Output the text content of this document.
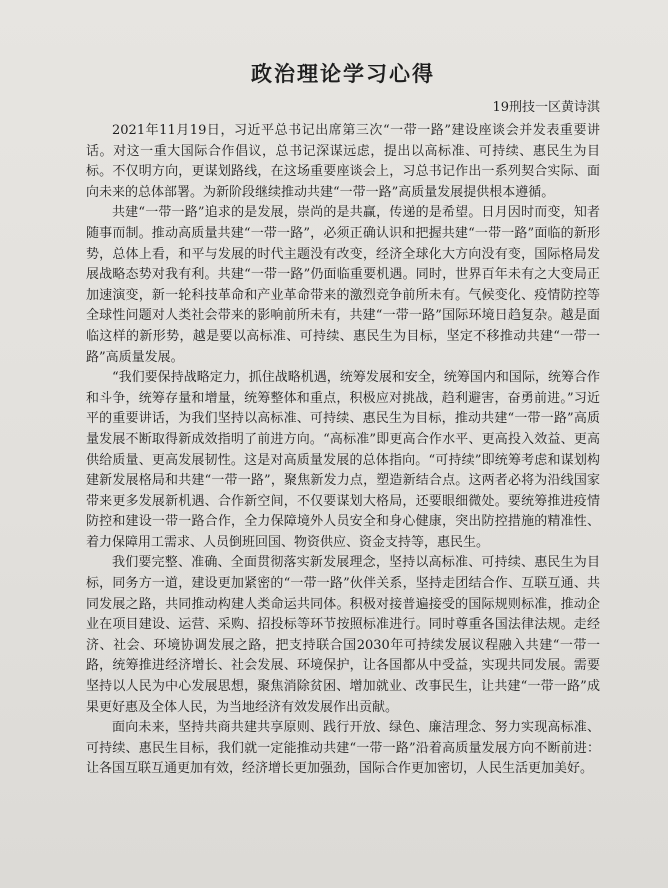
政治理论学习心得
19刑技一区黄诗淇

2021年11月19日，习近平总书记出席第三次“一带一路”建设座谈会并发表重要讲话。对这一重大国际合作倡议，总书记深谋远虑，提出以高标准、可持续、惠民生为目标。不仅明方向，更谋划路线，在这场重要座谈会上，习总书记作出一系列契合实际、面向未来的总体部署。为新阶段继续推动共建“一带一路”高质量发展提供根本遵循。

共建“一带一路”追求的是发展，崇尚的是共赢，传递的是希望。日月因时而变，知者随事而制。推动高质量共建“一带一路”，必须正确认识和把握共建“一带一路”面临的新形势，总体上看，和平与发展的时代主题没有改变，经济全球化大方向没有变，国际格局发展战略态势对我有利。共建“一带一路”仍面临重要机遇。同时，世界百年未有之大变局正加速演变，新一轮科技革命和产业革命带来的激烈竞争前所未有。气候变化、疫情防控等全球性问题对人类社会带来的影响前所未有，共建“一带一路”国际环境日趋复杂。越是面临这样的新形势，越是要以高标准、可持续、惠民生为目标，坚定不移推动共建“一带一路”高质量发展。

“我们要保持战略定力，抓住战略机遇，统筹发展和安全，统筹国内和国际，统筹合作和斗争，统筹存量和增量，统筹整体和重点，积极应对挑战，趋利避害，奋勇前进。”习近平的重要讲话，为我们坚持以高标准、可持续、惠民生为目标，推动共建“一带一路”高质量发展不断取得新成效指明了前进方向。“高标准”即更高合作水平、更高投入效益、更高供给质量、更高发展韧性。这是对高质量发展的总体指向。“可持续”即统筹考虑和谋划构建新发展格局和共建“一带一路”，聚焦新发力点，塑造新结合点。这两者必将为沿线国家带来更多发展新机遇、合作新空间，不仅要谋划大格局，还要眼细微处。要统筹推进疫情防控和建设一带一路合作，全力保障境外人员安全和身心健康，突出防控措施的精准性、着力保障用工需求、人员倒班回国、物资供应、资金支持等，惠民生。

我们要完整、准确、全面贯彻落实新发展理念，坚持以高标准、可持续、惠民生为目标，同务方一道，建设更加紧密的“一带一路”伙伴关系，坚持走团结合作、互联互通、共同发展之路，共同推动构建人类命运共同体。积极对接普遍接受的国际规则标准，推动企业在项目建设、运营、采购、招投标等环节按照标准进行。同时尊重各国法律法规。走经济、社会、环境协调发展之路，把支持联合国2030年可持续发展议程融入共建“一带一路，统筹推进经济增长、社会发展、环境保护，让各国都从中受益，实现共同发展。需要坚持以人民为中心发展思想，聚焦消除贫困、增加就业、改事民生，让共建“一带一路”成果更好惠及全体人民，为当地经济有效发展作出贡献。

面向未来，坚持共商共建共享原则、践行开放、绿色、廉洁理念、努力实现高标准、可持续、惠民生目标，我们就一定能推动共建“一带一路”沿着高质量发展方向不断前进：让各国互联互通更加有效，经济增长更加强劲，国际合作更加密切，人民生活更加美好。
